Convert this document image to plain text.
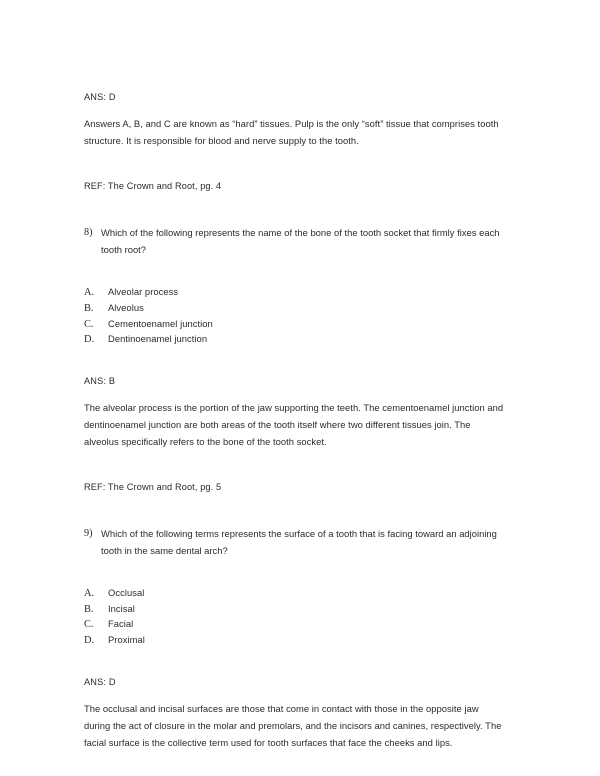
ANS: D
Answers A, B, and C are known as “hard” tissues. Pulp is the only “soft” tissue that comprises tooth structure. It is responsible for blood and nerve supply to the tooth.
REF: The Crown and Root, pg. 4
8) Which of the following represents the name of the bone of the tooth socket that firmly fixes each tooth root?
A.	Alveolar process
B.	Alveolus
C.	Cementoenamel junction
D.	Dentinoenamel junction
ANS: B
The alveolar process is the portion of the jaw supporting the teeth. The cementoenamel junction and dentinoenamel junction are both areas of the tooth itself where two different tissues join. The alveolus specifically refers to the bone of the tooth socket.
REF: The Crown and Root, pg. 5
9) Which of the following terms represents the surface of a tooth that is facing toward an adjoining tooth in the same dental arch?
A.	Occlusal
B.	Incisal
C.	Facial
D.	Proximal
ANS: D
The occlusal and incisal surfaces are those that come in contact with those in the opposite jaw during the act of closure in the molar and premolars, and the incisors and canines, respectively. The facial surface is the collective term used for tooth surfaces that face the cheeks and lips.
